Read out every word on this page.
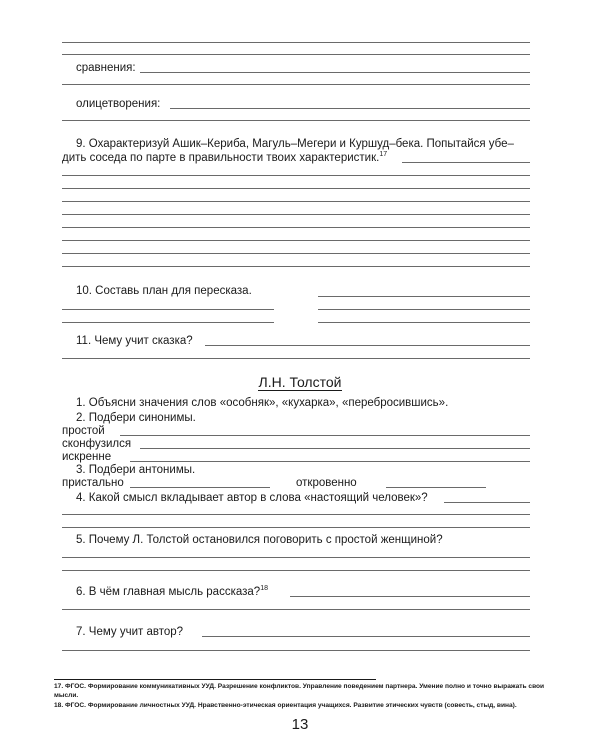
сравнения:
олицетворения:
9. Охарактеризуй Ашик–Кериба, Магуль–Мегери и Куршуд–бека. Попытайся убе–
дить соседа по парте в правильности твоих характеристик.$^{17}$
10. Составь план для пересказа.
11. Чему учит сказка?
Л.Н. Толстой
1. Объясни значения слов «особняк», «кухарка», «перебросившись».
2. Подбери синонимы.
простой
сконфузился
искренне
3. Подбери антонимы.
пристально	откровенно
4. Какой смысл вкладывает автор в слова «настоящий человек»?
5. Почему Л. Толстой остановился поговорить с простой женщиной?
6. В чём главная мысль рассказа?$^{18}$
7. Чему учит автор?
17. ФГОС. Формирование коммуникативных УУД. Разрешение конфликтов. Управление поведением партнера. Умение полно и точно выражать свои мысли.
18. ФГОС. Формирование личностных УУД. Нравственно-этическая ориентация учащихся. Развитие этических чувств (совесть, стыд, вина).
13
